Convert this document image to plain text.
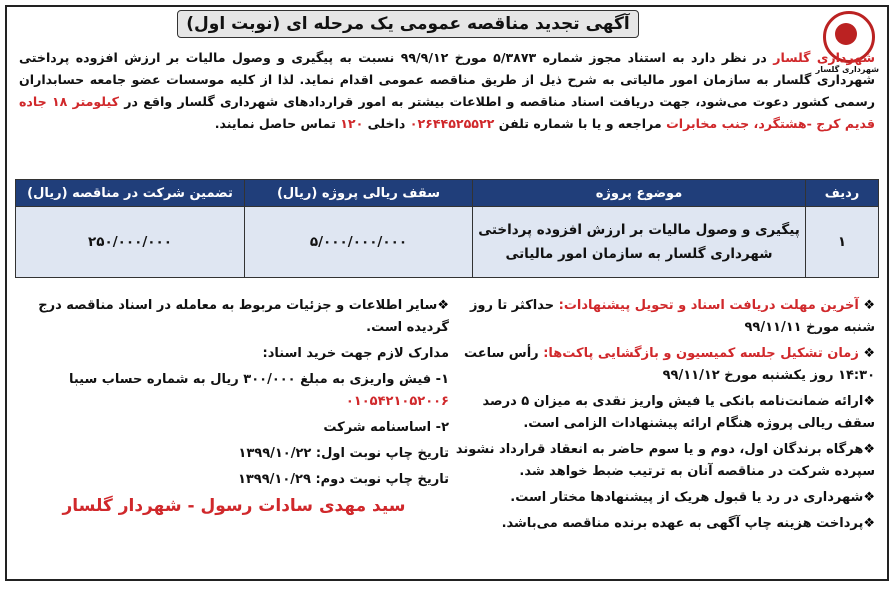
شهرداری گلسار
آگهی تجدید مناقصه عمومی یک مرحله ای (نوبت اول)
شهرداری گلسار در نظر دارد به استناد مجوز شماره ۵/۳۸۷۳ مورخ ۹۹/۹/۱۲ نسبت به پیگیری و وصول مالیات بر ارزش افزوده پرداختی شهرداری گلسار به سازمان امور مالیاتی به شرح ذیل از طریق مناقصه عمومی اقدام نماید. لذا از کلیه موسسات عضو جامعه حسابداران رسمی کشور دعوت می‌شود، جهت دریافت اسناد مناقصه و اطلاعات بیشتر به امور قراردادهای شهرداری گلسار واقع در کیلومتر ۱۸ جاده قدیم کرج -هشتگرد، جنب مخابرات مراجعه و یا با شماره تلفن ۰۲۶۴۴۵۲۵۵۲۲ داخلی ۱۲۰ تماس حاصل نمایند.
ردیف	موضوع پروژه	سقف ریالی پروژه (ریال)	تضمین شرکت در مناقصه (ریال)
۱	پیگیری و وصول مالیات بر ارزش افزوده پرداختی شهرداری گلسار به سازمان امور مالیاتی	۵/۰۰۰/۰۰۰/۰۰۰	۲۵۰/۰۰۰/۰۰۰

❖ آخرین مهلت دریافت اسناد و تحویل پیشنهادات: حداکثر تا روز شنبه مورخ ۹۹/۱۱/۱۱

❖ زمان تشکیل جلسه کمیسیون و بازگشایی پاکت‌ها: رأس ساعت ۱۴:۳۰ روز یکشنبه مورخ ۹۹/۱۱/۱۲

❖ ارائه ضمانت‌نامه بانکی یا فیش واریز نقدی به میزان ۵ درصد سقف ریالی پروژه هنگام ارائه پیشنهادات الزامی است.

❖ هرگاه برندگان اول، دوم و یا سوم حاضر به انعقاد قرارداد نشوند سپرده شرکت در مناقصه آنان به ترتیب ضبط خواهد شد.

❖ شهرداری در رد یا قبول هریک از پیشنهادها مختار است.

❖ پرداخت هزینه چاپ آگهی به عهده برنده مناقصه می‌باشد.

❖ سایر اطلاعات و جزئیات مربوط به معامله در اسناد مناقصه درج گردیده است.

مدارک لازم جهت خرید اسناد:

۱- فیش واریزی به مبلغ ۳۰۰/۰۰۰ ریال به شماره حساب سیبا ۰۱۰۵۴۲۱۰۵۲۰۰۶

۲- اساسنامه شرکت

تاریخ چاپ نوبت اول: ۱۳۹۹/۱۰/۲۲

تاریخ چاپ نوبت دوم: ۱۳۹۹/۱۰/۲۹

سید مهدی سادات رسول - شهردار گلسار
